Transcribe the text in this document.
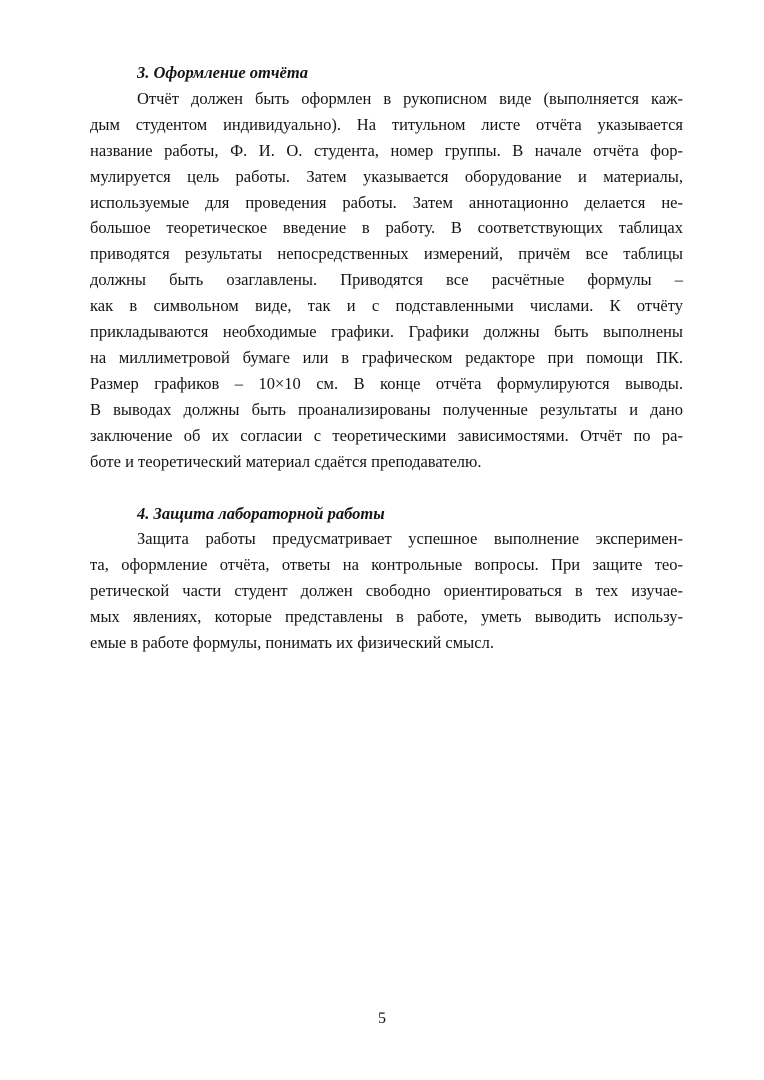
3. Оформление отчёта
Отчёт должен быть оформлен в рукописном виде (выполняется каж-
дым студентом индивидуально). На титульном листе отчёта указывается
название работы, Ф. И. О. студента, номер группы. В начале отчёта фор-
мулируется цель работы. Затем указывается оборудование и материалы,
используемые для проведения работы. Затем аннотационно делается не-
большое теоретическое введение в работу. В соответствующих таблицах
приводятся результаты непосредственных измерений, причём все таблицы
должны быть озаглавлены. Приводятся все расчётные формулы –
как в символьном виде, так и с подставленными числами. К отчёту
прикладываются необходимые графики. Графики должны быть выполнены
на миллиметровой бумаге или в графическом редакторе при помощи ПК.
Размер графиков – 10×10 см. В конце отчёта формулируются выводы.
В выводах должны быть проанализированы полученные результаты и дано
заключение об их согласии с теоретическими зависимостями. Отчёт по ра-
боте и теоретический материал сдаётся преподавателю.
4. Защита лабораторной работы
Защита работы предусматривает успешное выполнение эксперимен-
та, оформление отчёта, ответы на контрольные вопросы. При защите тео-
ретической части студент должен свободно ориентироваться в тех изучае-
мых явлениях, которые представлены в работе, уметь выводить использу-
емые в работе формулы, понимать их физический смысл.
5
